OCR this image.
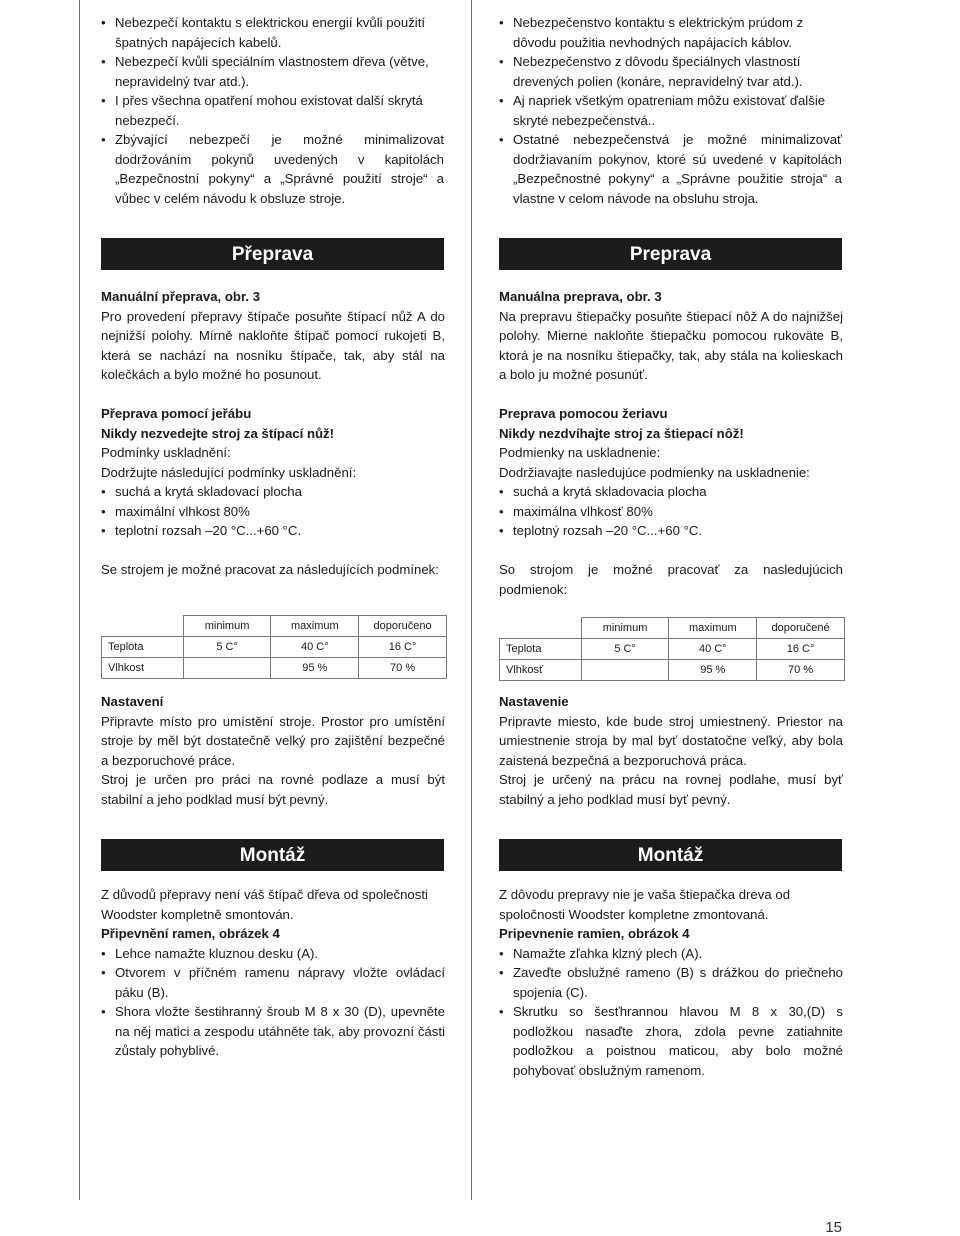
• Nebezpečí kontaktu s elektrickou energií kvůli použití špatných napájecích kabelů.
• Nebezpečí kvůli speciálním vlastnostem dřeva (větve, nepravidelný tvar atd.).
• I přes všechna opatření mohou existovat další skrytá nebezpečí.
• Zbývající nebezpečí je možné minimalizovat dodržováním pokynů uvedených v kapitolách „Bezpečnostní pokyny“ a „Správné použití stroje“ a vůbec v celém návodu k obsluze stroje.
Přeprava

Manuální přeprava, obr. 3

Pro provedení přepravy štípače posuňte štípací nůž A do nejnižší polohy. Mírně nakloňte štípač pomocí rukojeti B, která se nachází na nosníku štípače, tak, aby stál na kolečkách a bylo možné ho posunout.

Přeprava pomocí jeřábu

Nikdy nezvedejte stroj za štípací nůž!

Podmínky uskladnění:

Dodržujte následující podmínky uskladnění:

• suchá a krytá skladovací plocha
• maximální vlhkost 80%
• teplotní rozsah –20 °C...+60 °C.

Se strojem je možné pracovat za následujících podmínek:

	minimum	maximum	doporučeno
Teplota	5 C°	40 C°	16 C°
Vlhkost		95 %	70 %

Nastavení

Připravte místo pro umístění stroje. Prostor pro umístění stroje by měl být dostatečně velký pro zajištění bezpečné a bezporuchové práce.

Stroj je určen pro práci na rovné podlaze a musí být stabilní a jeho podklad musí být pevný.

Montáž

Z důvodů přepravy není váš štípač dřeva od společnosti Woodster kompletně smontován.

Připevnění ramen, obrázek 4

• Lehce namažte kluznou desku (A).
• Otvorem v příčném ramenu nápravy vložte ovládací páku (B).
• Shora vložte šestihranný šroub M 8 x 30 (D), upevněte na něj matici a zespodu utáhněte tak, aby provozní části zůstaly pohyblivé.
• Nebezpečenstvo kontaktu s elektrickým prúdom z dôvodu použitia nevhodných napájacích káblov.
• Nebezpečenstvo z dôvodu špeciálnych vlastností drevených polien (konáre, nepravidelný tvar atd.).
• Aj napriek všetkým opatreniam môžu existovať ďalšie skryté nebezpečenstvá..
• Ostatné nebezpečenstvá je možné minimalizovať dodržiavaním pokynov, ktoré sú uvedené v kapitolách „Bezpečnostné pokyny“ a „Správne použitie stroja“ a vlastne v celom návode na obsluhu stroja.
Preprava

Manuálna preprava, obr. 3

Na prepravu štiepačky posuňte štiepací nôž A do najnižšej polohy. Mierne nakloňte štiepačku pomocou rukoväte B, ktorá je na nosníku štiepačky, tak, aby stála na kolieskach a bolo ju možné posunúť.

Preprava pomocou žeriavu

Nikdy nezdvíhajte stroj za štiepací nôž!

Podmienky na uskladnenie:

Dodržiavajte nasledujúce podmienky na uskladnenie:

• suchá a krytá skladovacia plocha
• maximálna vlhkosť 80%
• teplotný rozsah –20 °C...+60 °C.

So strojom je možné pracovať za nasledujúcich podmienok:

	minimum	maximum	doporučené
Teplota	5 C°	40 C°	16 C°
Vlhkosť		95 %	70 %

Nastavenie

Pripravte miesto, kde bude stroj umiestnený. Priestor na umiestnenie stroja by mal byť dostatočne veľký, aby bola zaistená bezpečná a bezporuchová práca.

Stroj je určený na prácu na rovnej podlahe, musí byť stabilný a jeho podklad musí byť pevný.

Montáž

Z dôvodu prepravy nie je vaša štiepačka dreva od spoločnosti Woodster kompletne zmontovaná.

Pripevnenie ramien, obrázok 4

• Namažte zľahka klzný plech (A).
• Zaveďte obslužné rameno (B) s drážkou do priečneho spojenia (C).
• Skrutku so šesťhrannou hlavou M 8 x 30,(D) s podložkou nasaďte zhora, zdola pevne zatiahnite podložkou a poistnou maticou, aby bolo možné pohybovať obslužným ramenom.
15
